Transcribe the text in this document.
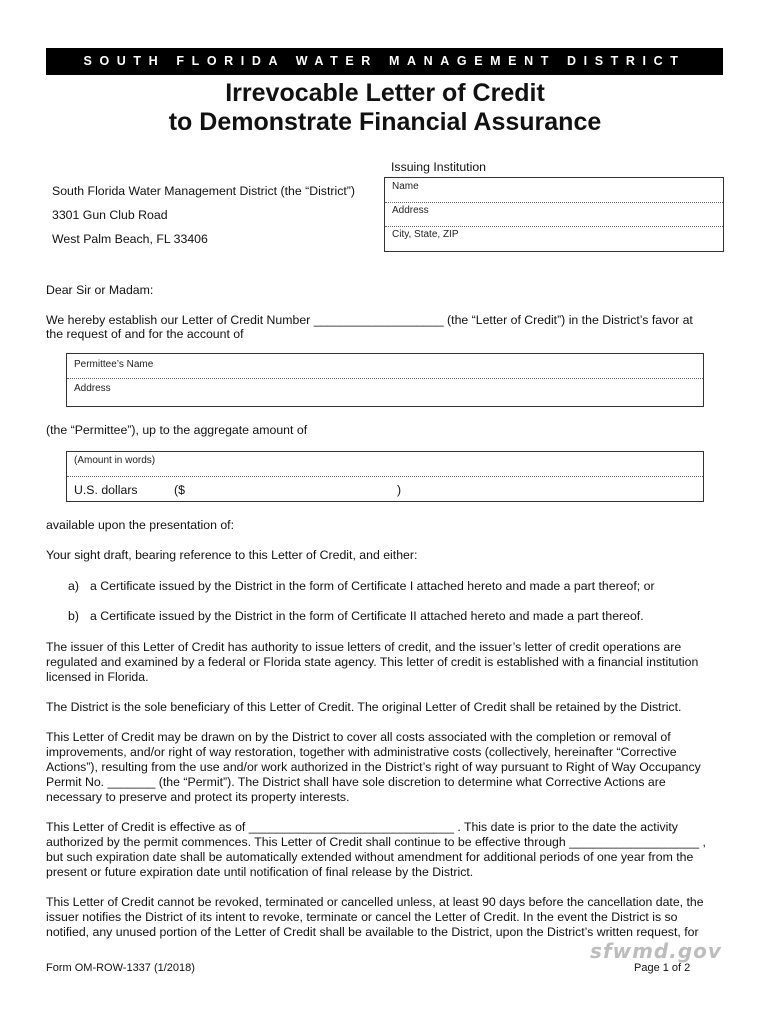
SOUTH FLORIDA WATER MANAGEMENT DISTRICT
Irrevocable Letter of Credit
to Demonstrate Financial Assurance
Issuing Institution
Name
Address
City, State, ZIP
South Florida Water Management District (the “District”)
3301 Gun Club Road
West Palm Beach, FL 33406
Dear Sir or Madam:
We hereby establish our Letter of Credit Number ___________________ (the “Letter of Credit”) in the District’s favor at
the request of and for the account of
Permittee’s Name
Address
(the “Permittee”), up to the aggregate amount of
(Amount in words)
U.S. dollars	($	)
available upon the presentation of:
Your sight draft, bearing reference to this Letter of Credit, and either:
a) a Certificate issued by the District in the form of Certificate I attached hereto and made a part thereof; or
b) a Certificate issued by the District in the form of Certificate II attached hereto and made a part thereof.
The issuer of this Letter of Credit has authority to issue letters of credit, and the issuer’s letter of credit operations are
regulated and examined by a federal or Florida state agency. This letter of credit is established with a financial institution
licensed in Florida.
The District is the sole beneficiary of this Letter of Credit. The original Letter of Credit shall be retained by the District.
This Letter of Credit may be drawn on by the District to cover all costs associated with the completion or removal of
improvements, and/or right of way restoration, together with administrative costs (collectively, hereinafter “Corrective
Actions”), resulting from the use and/or work authorized in the District’s right of way pursuant to Right of Way Occupancy
Permit No. _______ (the “Permit”). The District shall have sole discretion to determine what Corrective Actions are
necessary to preserve and protect its property interests.
This Letter of Credit is effective as of ______________________________ . This date is prior to the date the activity
authorized by the permit commences. This Letter of Credit shall continue to be effective through ___________________ ,
but such expiration date shall be automatically extended without amendment for additional periods of one year from the
present or future expiration date until notification of final release by the District.
This Letter of Credit cannot be revoked, terminated or cancelled unless, at least 90 days before the cancellation date, the
issuer notifies the District of its intent to revoke, terminate or cancel the Letter of Credit. In the event the District is so
notified, any unused portion of the Letter of Credit shall be available to the District, upon the District’s written request, for
Form OM-ROW-1337 (1/2018)
sfwmd.gov
Page 1 of 2
